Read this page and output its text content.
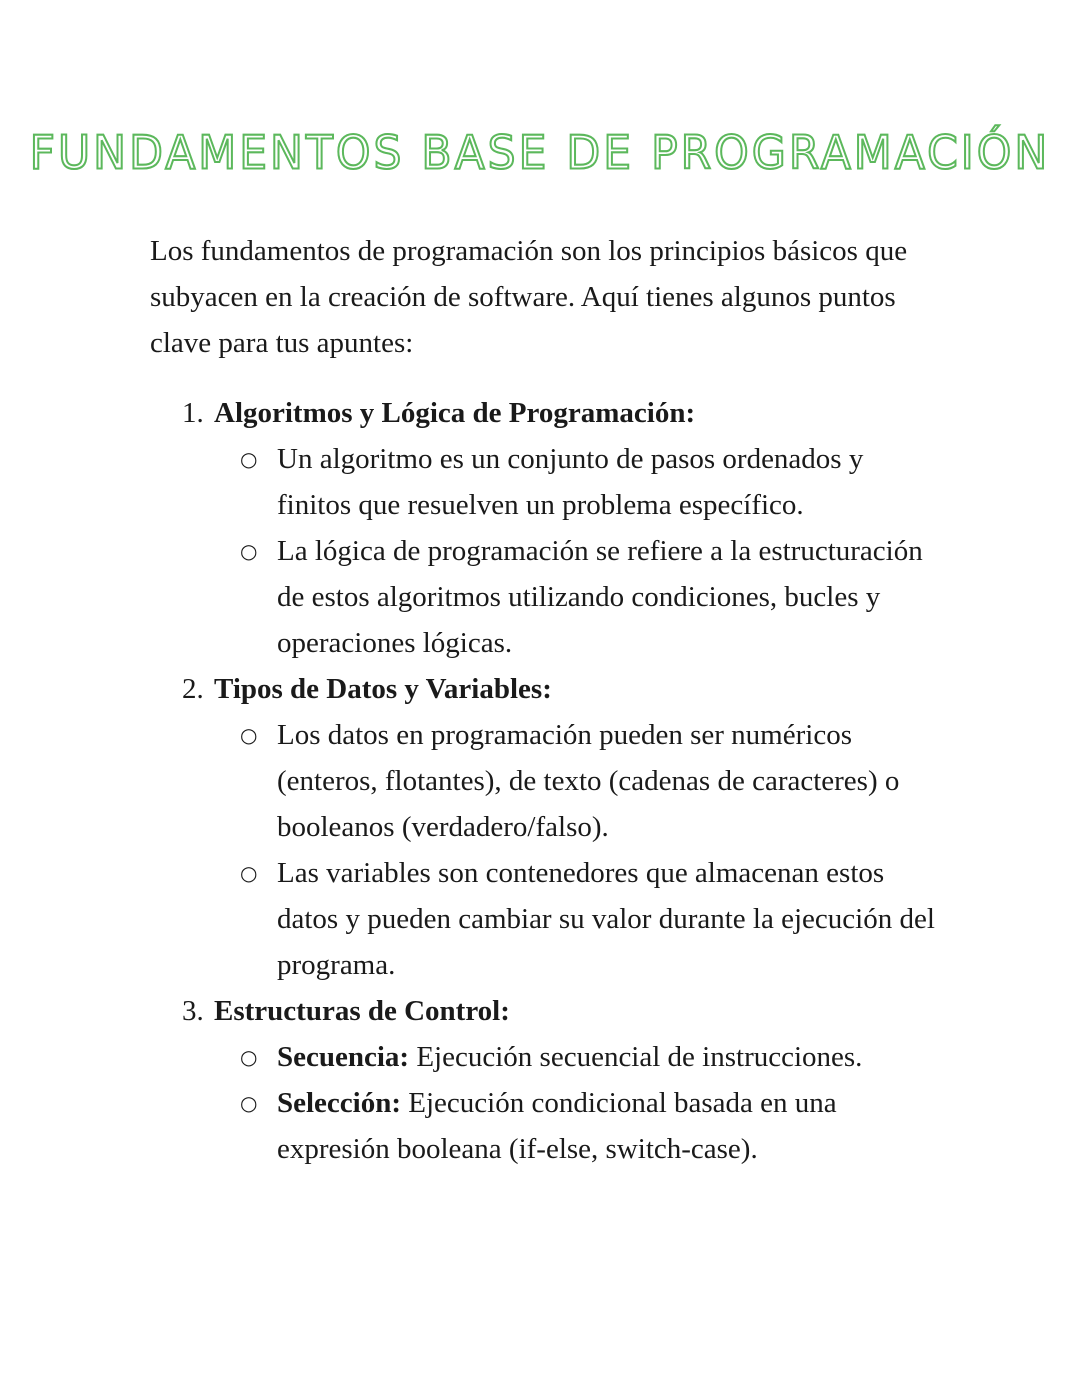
FUNDAMENTOS BASE DE PROGRAMACIÓN

Los fundamentos de programación son los principios básicos que subyacen en la creación de software. Aquí tienes algunos puntos clave para tus apuntes:

1. Algoritmos y Lógica de Programación:
○ Un algoritmo es un conjunto de pasos ordenados y finitos que resuelven un problema específico.
○ La lógica de programación se refiere a la estructuración de estos algoritmos utilizando condiciones, bucles y operaciones lógicas.
2. Tipos de Datos y Variables:
○ Los datos en programación pueden ser numéricos (enteros, flotantes), de texto (cadenas de caracteres) o booleanos (verdadero/falso).
○ Las variables son contenedores que almacenan estos datos y pueden cambiar su valor durante la ejecución del programa.
3. Estructuras de Control:
○ Secuencia: Ejecución secuencial de instrucciones.
○ Selección: Ejecución condicional basada en una expresión booleana (if-else, switch-case).
